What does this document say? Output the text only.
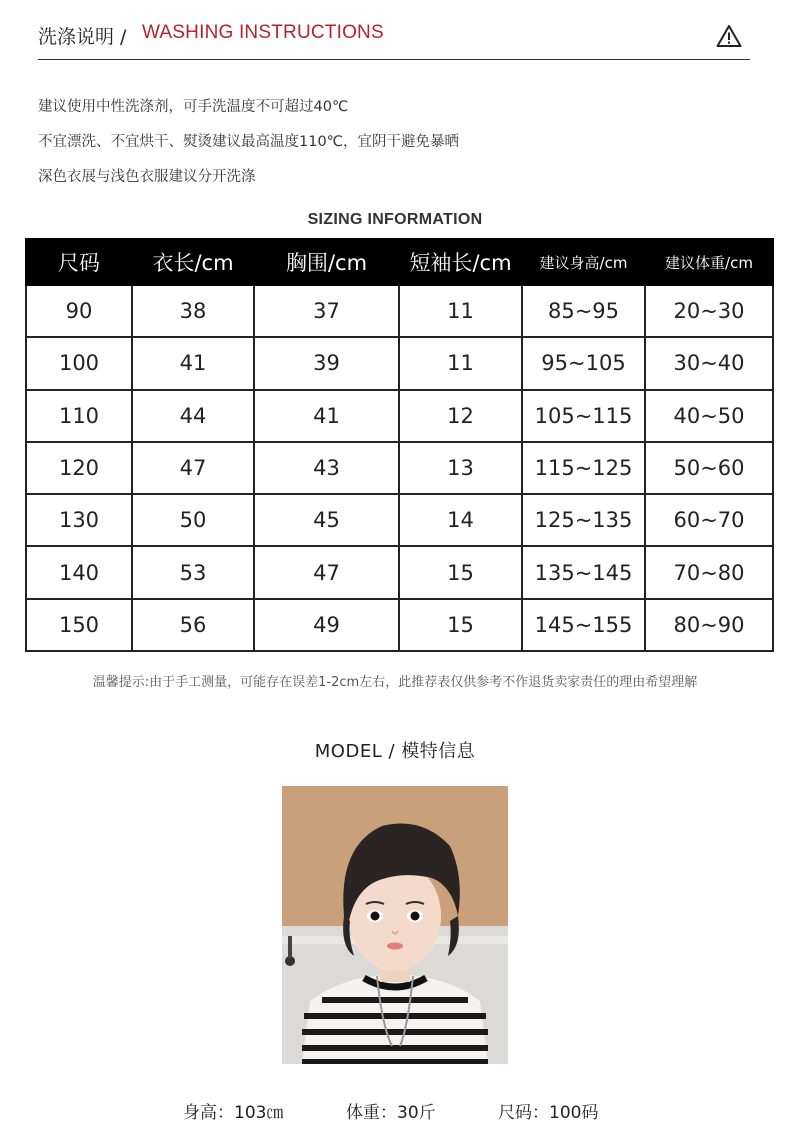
洗涤说明 / WASHING INSTRUCTIONS
建议使用中性洗涤剂，可手洗温度不可超过40℃
不宜漂洗、不宜烘干、熨烫建议最高温度110℃，宜阴干避免暴晒
深色衣展与浅色衣服建议分开洗涤
SIZING INFORMATION
尺码	衣长/cm	胸围/cm	短袖长/cm	建议身高/cm	建议体重/cm
90	38	37	11	85~95	20~30
100	41	39	11	95~105	30~40
110	44	41	12	105~115	40~50
120	47	43	13	115~125	50~60
130	50	45	14	125~135	60~70
140	53	47	15	135~145	70~80
150	56	49	15	145~155	80~90
温馨提示:由于手工测量，可能存在误差1-2cm左右，此推荐表仅供参考不作退货卖家责任的理由希望理解
MODEL / 模特信息
身高：103㎝	体重：30斤	尺码：100码
